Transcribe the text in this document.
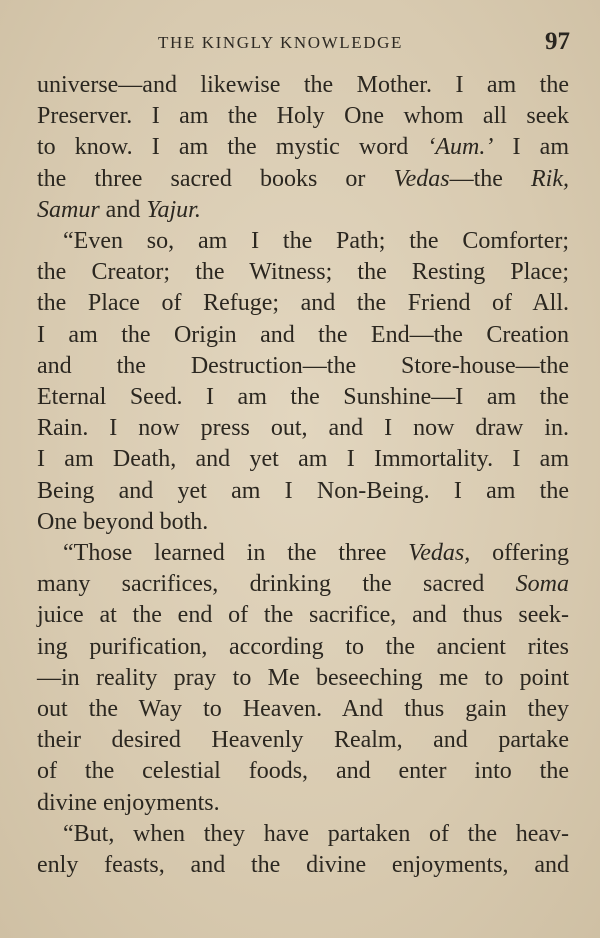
THE KINGLY KNOWLEDGE	97
universe—and likewise the Mother. I am the
Preserver. I am the Holy One whom all seek
to know. I am the mystic word ‘Aum.’ I am
the three sacred books or Vedas—the Rik,
Samur and Yajur.
“Even so, am I the Path; the Comforter;
the Creator; the Witness; the Resting Place;
the Place of Refuge; and the Friend of All.
I am the Origin and the End—the Creation
and the Destruction—the Store-house—the
Eternal Seed. I am the Sunshine—I am the
Rain. I now press out, and I now draw in.
I am Death, and yet am I Immortality. I am
Being and yet am I Non-Being. I am the
One beyond both.
“Those learned in the three Vedas, offering
many sacrifices, drinking the sacred Soma
juice at the end of the sacrifice, and thus seek-
ing purification, according to the ancient rites
—in reality pray to Me beseeching me to point
out the Way to Heaven. And thus gain they
their desired Heavenly Realm, and partake
of the celestial foods, and enter into the
divine enjoyments.
“But, when they have partaken of the heav-
enly feasts, and the divine enjoyments, and
